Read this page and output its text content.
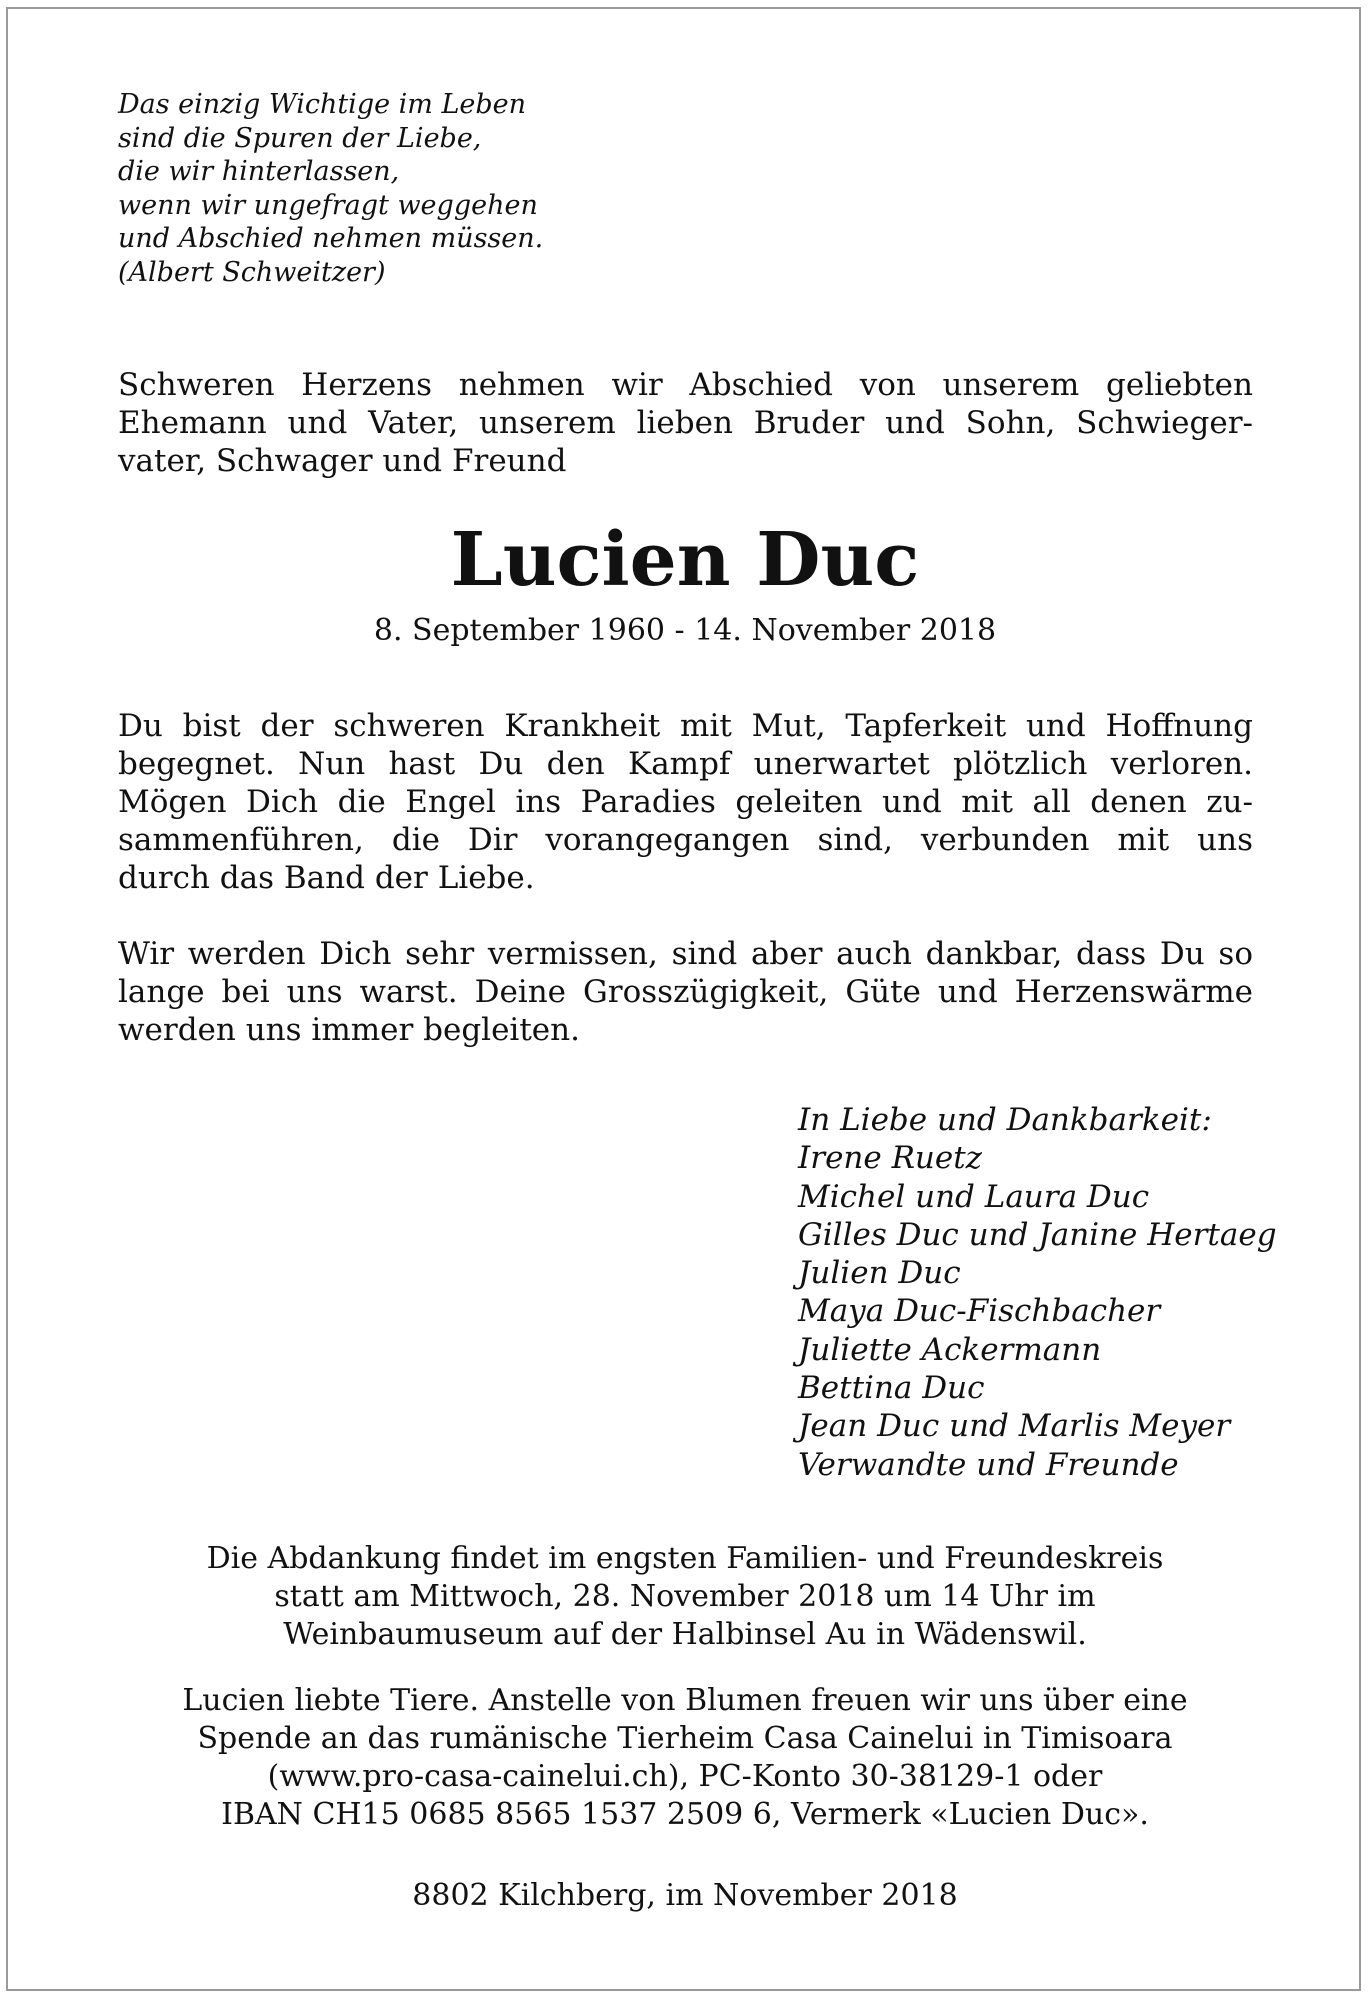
Das einzig Wichtige im Leben
sind die Spuren der Liebe,
die wir hinterlassen,
wenn wir ungefragt weggehen
und Abschied nehmen müssen.
(Albert Schweitzer)
Schweren Herzens nehmen wir Abschied von unserem geliebten
Ehemann und Vater, unserem lieben Bruder und Sohn, Schwieger-
vater, Schwager und Freund
Lucien Duc
8. September 1960 - 14. November 2018
Du bist der schweren Krankheit mit Mut, Tapferkeit und Hoffnung
begegnet. Nun hast Du den Kampf unerwartet plötzlich verloren.
Mögen Dich die Engel ins Paradies geleiten und mit all denen zu-
sammenführen, die Dir vorangegangen sind, verbunden mit uns
durch das Band der Liebe.
Wir werden Dich sehr vermissen, sind aber auch dankbar, dass Du so
lange bei uns warst. Deine Grosszügigkeit, Güte und Herzenswärme
werden uns immer begleiten.
In Liebe und Dankbarkeit:
Irene Ruetz
Michel und Laura Duc
Gilles Duc und Janine Hertaeg
Julien Duc
Maya Duc-Fischbacher
Juliette Ackermann
Bettina Duc
Jean Duc und Marlis Meyer
Verwandte und Freunde
Die Abdankung findet im engsten Familien- und Freundeskreis
statt am Mittwoch, 28. November 2018 um 14 Uhr im
Weinbaumuseum auf der Halbinsel Au in Wädenswil.
Lucien liebte Tiere. Anstelle von Blumen freuen wir uns über eine
Spende an das rumänische Tierheim Casa Cainelui in Timisoara
(www.pro-casa-cainelui.ch), PC-Konto 30-38129-1 oder
IBAN CH15 0685 8565 1537 2509 6, Vermerk «Lucien Duc».
8802 Kilchberg, im November 2018
